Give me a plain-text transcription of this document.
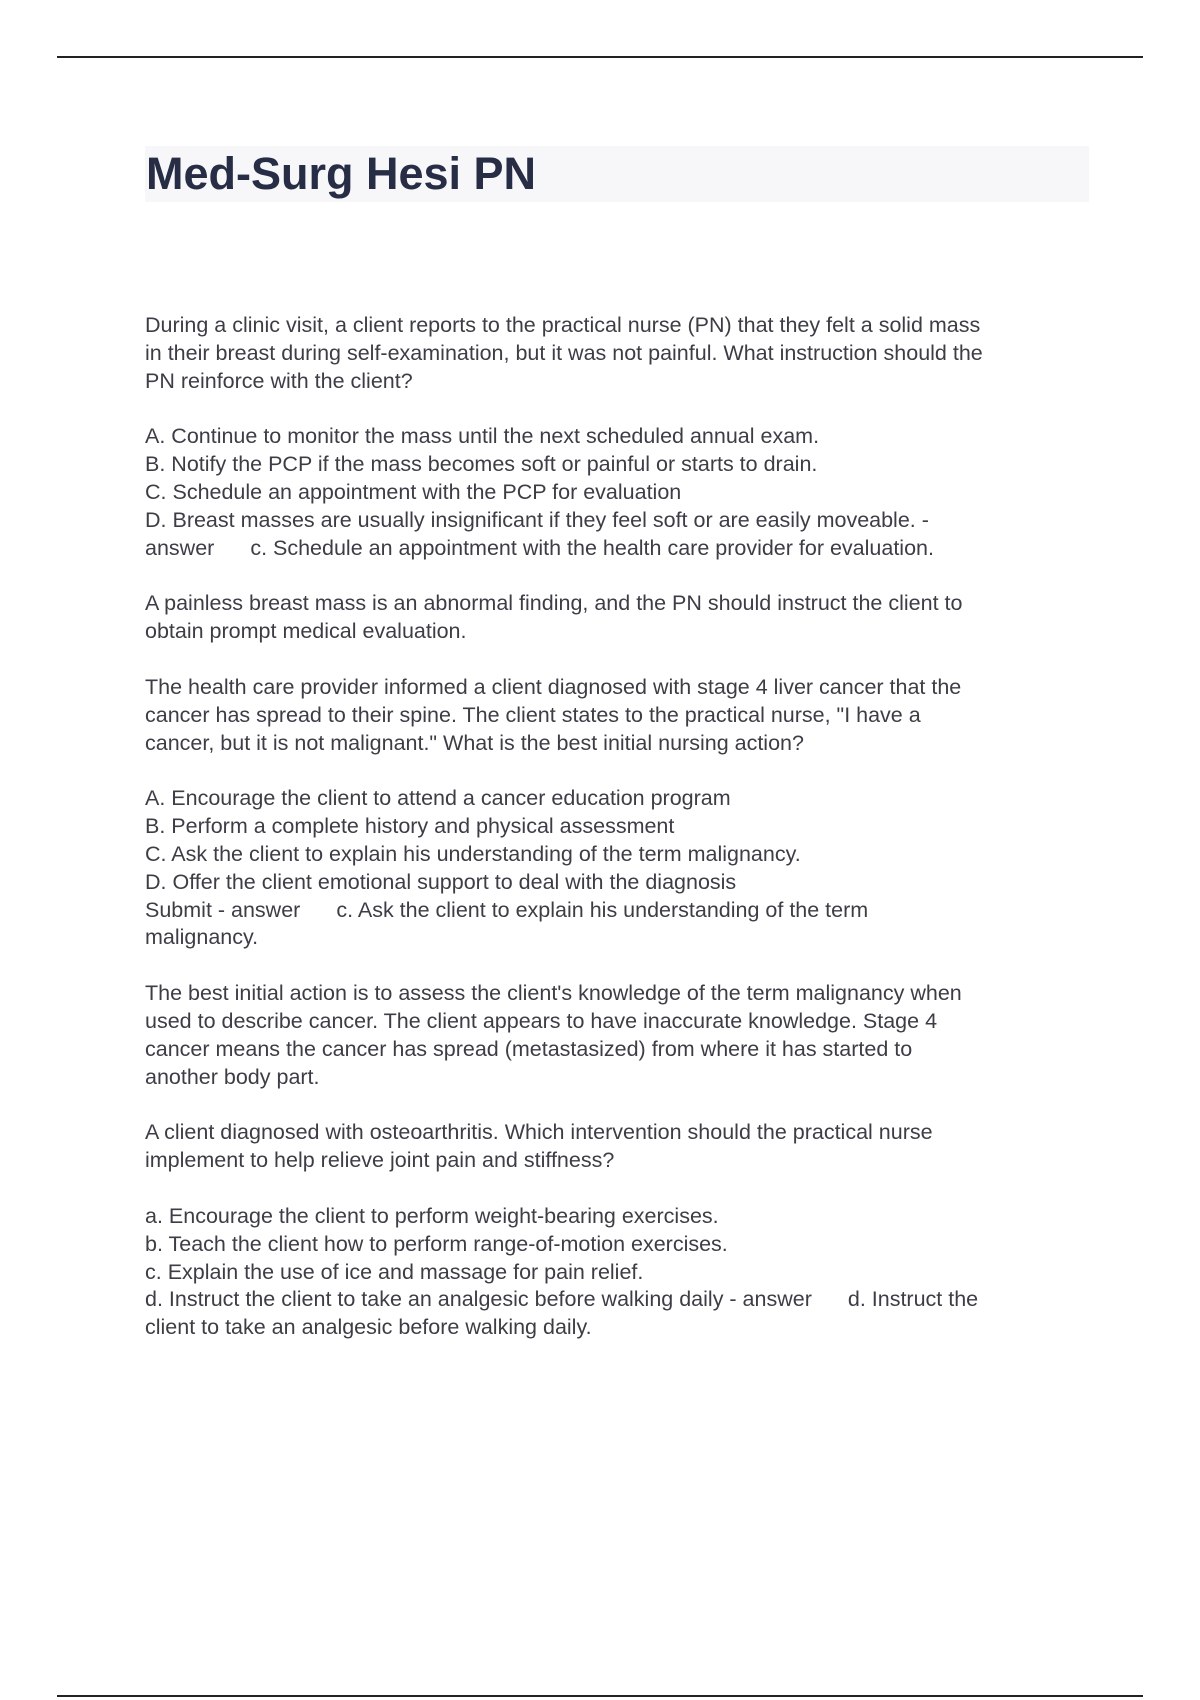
Med-Surg Hesi PN

During a clinic visit, a client reports to the practical nurse (PN) that they felt a solid mass
in their breast during self-examination, but it was not painful. What instruction should the
PN reinforce with the client?

A. Continue to monitor the mass until the next scheduled annual exam.
B. Notify the PCP if the mass becomes soft or painful or starts to drain.
C. Schedule an appointment with the PCP for evaluation
D. Breast masses are usually insignificant if they feel soft or are easily moveable. -
answer c. Schedule an appointment with the health care provider for evaluation.

A painless breast mass is an abnormal finding, and the PN should instruct the client to
obtain prompt medical evaluation.

The health care provider informed a client diagnosed with stage 4 liver cancer that the
cancer has spread to their spine. The client states to the practical nurse, "I have a
cancer, but it is not malignant." What is the best initial nursing action?

A. Encourage the client to attend a cancer education program
B. Perform a complete history and physical assessment
C. Ask the client to explain his understanding of the term malignancy.
D. Offer the client emotional support to deal with the diagnosis
Submit - answer c. Ask the client to explain his understanding of the term
malignancy.

The best initial action is to assess the client's knowledge of the term malignancy when
used to describe cancer. The client appears to have inaccurate knowledge. Stage 4
cancer means the cancer has spread (metastasized) from where it has started to
another body part.

A client diagnosed with osteoarthritis. Which intervention should the practical nurse
implement to help relieve joint pain and stiffness?

a. Encourage the client to perform weight-bearing exercises.
b. Teach the client how to perform range-of-motion exercises.
c. Explain the use of ice and massage for pain relief.
d. Instruct the client to take an analgesic before walking daily - answer d. Instruct the
client to take an analgesic before walking daily.
